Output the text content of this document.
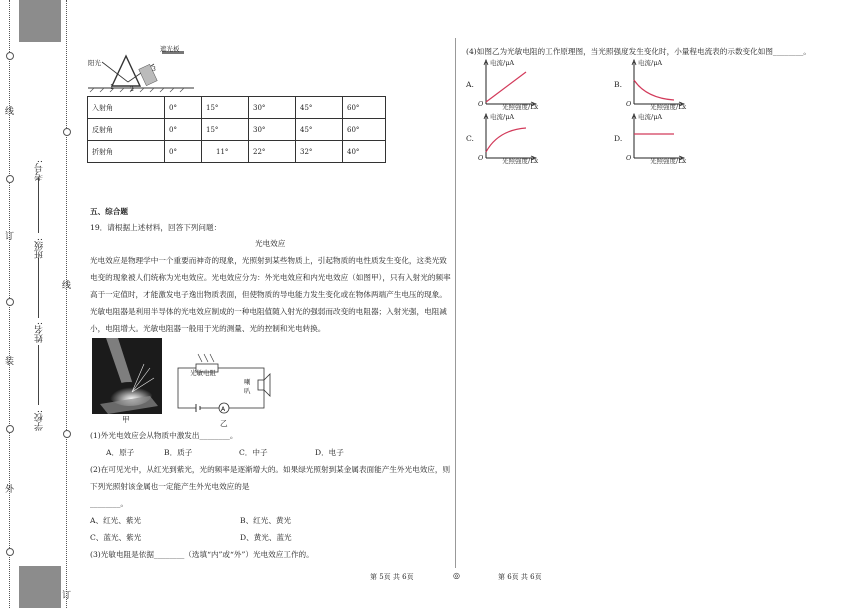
线
订
装
外
线
订
学校:
姓名:
班级:
考号:
遮光板
阳光
1	2
3
入射角	0°	15°	30°	45°	60°
反射角	0°	15°	30°	45°	60°
折射角	0°	11°	22°	32°	40°
五、综合题
19．请根据上述材料，回答下列问题：
光电效应
光电效应是物理学中一个重要而神奇的现象，光照射到某些物质上，引起物质的电性质发生变化，这类光致
电变的现象被人们统称为光电效应。光电效应分为：外光电效应和内光电效应（如图甲），只有入射光的频率
高于一定值时，才能激发电子逸出物质表面，但使物质的导电能力发生变化或在物体两端产生电压的现象。
光敏电阻器是利用半导体的光电效应制成的一种电阻值随入射光的强弱而改变的电阻器；入射光强，电阻减
小，电阻增大。光敏电阻器一般用于光的测量、光的控制和光电转换。
甲
A
光敏电阻
喇
叭
乙
(1)外光电效应会从物质中激发出________。
A．原子	B．质子	C．中子	D．电子
(2)在可见光中，从红光到紫光，光的频率是逐渐增大的。如果绿光照射到某金属表面能产生外光电效应，则
下列光照射该金属也一定能产生外光电效应的是
________。
A、红光、紫光	B、红光、黄光
C、蓝光、紫光	D、黄光、蓝光
(3)光敏电阻是依据________（选填“内”或“外”）光电效应工作的。
(4)如图乙为光敏电阻的工作原理图，当光照强度发生变化时，小量程电流表的示数变化如图________。
A.
电流/μA
光照强度/Lx
O
B.
电流/μA
光照强度/Lx
O
C.
电流/μA
光照强度/Lx
O
D.
电流/μA
光照强度/Lx
O
第 5页 共 6页	◎	第 6页 共 6页
